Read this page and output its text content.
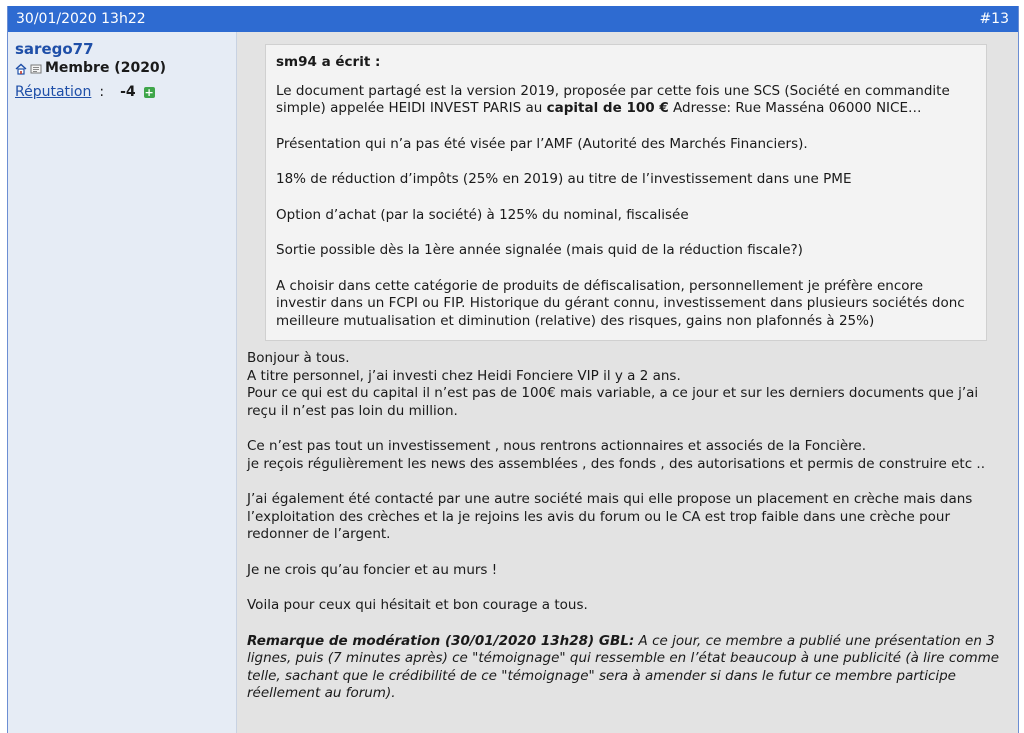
30/01/2020 13h22	#13
sarego77
Membre (2020)
Réputation : -4 +
sm94 a écrit :

Le document partagé est la version 2019, proposée par cette fois une SCS (Société en commandite simple) appelée HEIDI INVEST PARIS au capital de 100 € Adresse: Rue Masséna 06000 NICE…

Présentation qui n’a pas été visée par l’AMF (Autorité des Marchés Financiers).

18% de réduction d’impôts (25% en 2019) au titre de l’investissement dans une PME

Option d’achat (par la société) à 125% du nominal, fiscalisée

Sortie possible dès la 1ère année signalée (mais quid de la réduction fiscale?)

A choisir dans cette catégorie de produits de défiscalisation, personnellement je préfère encore investir dans un FCPI ou FIP. Historique du gérant connu, investissement dans plusieurs sociétés donc meilleure mutualisation et diminution (relative) des risques, gains non plafonnés à 25%)

Bonjour à tous.
A titre personnel, j’ai investi chez Heidi Fonciere VIP il y a 2 ans.
Pour ce qui est du capital il n’est pas de 100€ mais variable, a ce jour et sur les derniers documents que j’ai reçu il n’est pas loin du million.

Ce n’est pas tout un investissement , nous rentrons actionnaires et associés de la Foncière.
je reçois régulièrement les news des assemblées , des fonds , des autorisations et permis de construire etc ..

J’ai également été contacté par une autre société mais qui elle propose un placement en crèche mais dans l’exploitation des crèches et la je rejoins les avis du forum ou le CA est trop faible dans une crèche pour redonner de l’argent.

Je ne crois qu’au foncier et au murs !

Voila pour ceux qui hésitait et bon courage a tous.

Remarque de modération (30/01/2020 13h28) GBL: A ce jour, ce membre a publié une présentation en 3 lignes, puis (7 minutes après) ce "témoignage" qui ressemble en l’état beaucoup à une publicité (à lire comme telle, sachant que le crédibilité de ce "témoignage" sera à amender si dans le futur ce membre participe réellement au forum).
